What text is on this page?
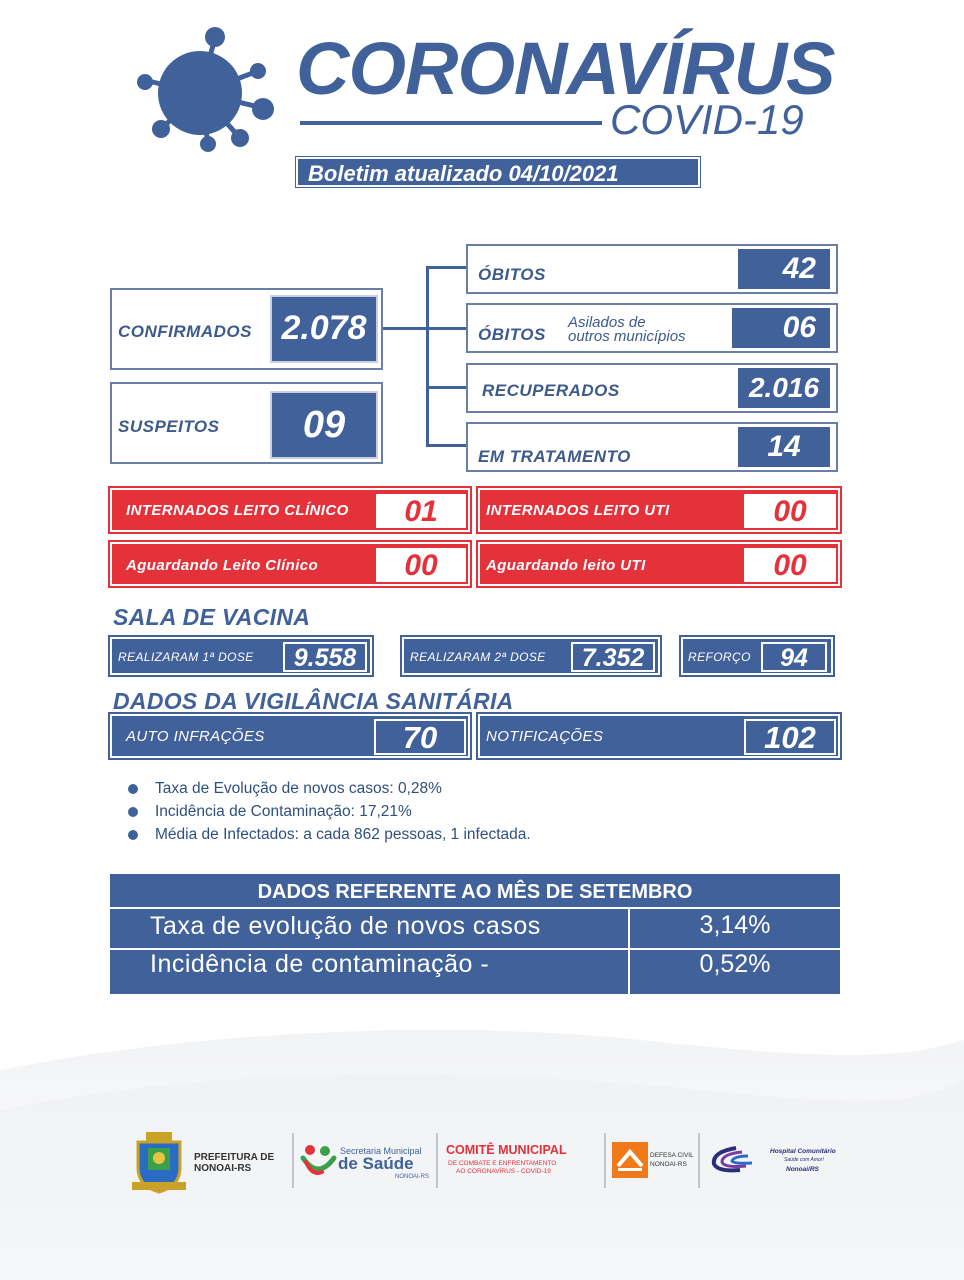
CORONAVÍRUS
COVID-19
Boletim atualizado 04/10/2021
CONFIRMADOS 2.078
SUSPEITOS	09
ÓBITOS	42
ÓBITOS
Asilados de
outros municípios	06
RECUPERADOS	2.016
EM TRATAMENTO	14
INTERNADOS LEITO CLÍNICO	01	INTERNADOS LEITO UTI	00
Aguardando Leito Clínico	00	Aguardando leito UTI	00
SALA DE VACINA
REALIZARAM 1ª DOSE	9.558	REALIZARAM 2ª DOSE	7.352	REFORÇO	94
DADOS DA VIGILÂNCIA SANITÁRIA
AUTO INFRAÇÕES	70	NOTIFICAÇÕES	102
Taxa de Evolução de novos casos: 0,28%
Incidência de Contaminação: 17,21%
Média de Infectados: a cada 862 pessoas, 1 infectada.
DADOS REFERENTE AO MÊS DE SETEMBRO
Taxa de evolução de novos casos	3,14%
Incidência de contaminação -	0,52%
PREFEITURA DE
NONOAI-RS
Secretaria Municipal
de Saúde
NONOAI-RS
COMITÊ MUNICIPAL
DE COMBATE E ENFRENTAMENTO
AO CORONAVÍRUS - COVID-19
DEFESA CIVIL
NONOAI-RS
Hospital Comunitário
Saúde com Amor!
Nonoai/RS
